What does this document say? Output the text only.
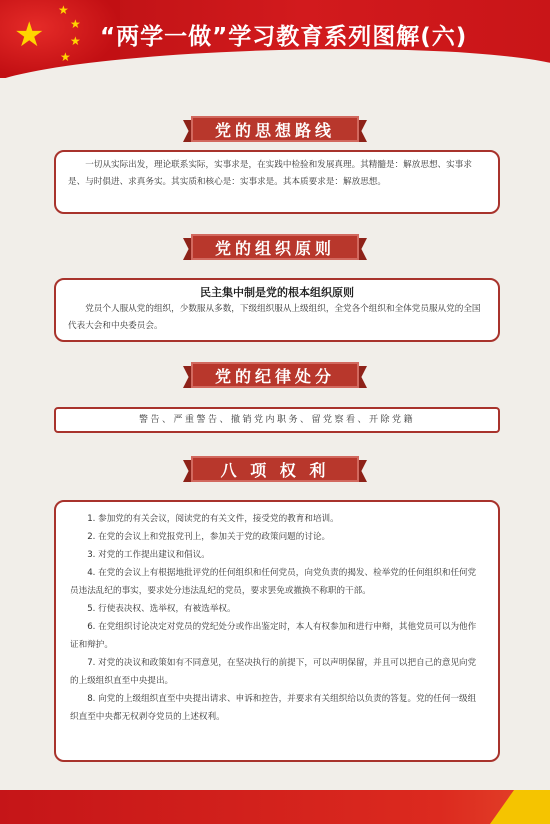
★
★
★
★
★
“两学一做”学习教育系列图解(六)
党的思想路线

一切从实际出发，理论联系实际，实事求是，在实践中检验和发展真理。其精髓是：解放思想、实事求是、与时俱进、求真务实。其实质和核心是：实事求是。其本质要求是：解放思想。

党的组织原则
民主集中制是党的根本组织原则

党员个人服从党的组织，少数服从多数，下级组织服从上级组织，全党各个组织和全体党员服从党的全国代表大会和中央委员会。

党的纪律处分
警告、严重警告、撤销党内职务、留党察看、开除党籍
八 项 权 利

1. 参加党的有关会议，阅读党的有关文件，接受党的教育和培训。

2. 在党的会议上和党报党刊上，参加关于党的政策问题的讨论。

3. 对党的工作提出建议和倡议。

4. 在党的会议上有根据地批评党的任何组织和任何党员，向党负责的揭发、检举党的任何组织和任何党员违法乱纪的事实，要求处分违法乱纪的党员，要求罢免或撤换不称职的干部。

5. 行使表决权、选举权，有被选举权。

6. 在党组织讨论决定对党员的党纪处分或作出鉴定时，本人有权参加和进行申辩，其他党员可以为他作证和辩护。

7. 对党的决议和政策如有不同意见，在坚决执行的前提下，可以声明保留，并且可以把自己的意见向党的上级组织直至中央提出。

8. 向党的上级组织直至中央提出请求、申诉和控告，并要求有关组织给以负责的答复。党的任何一级组织直至中央都无权剥夺党员的上述权利。
